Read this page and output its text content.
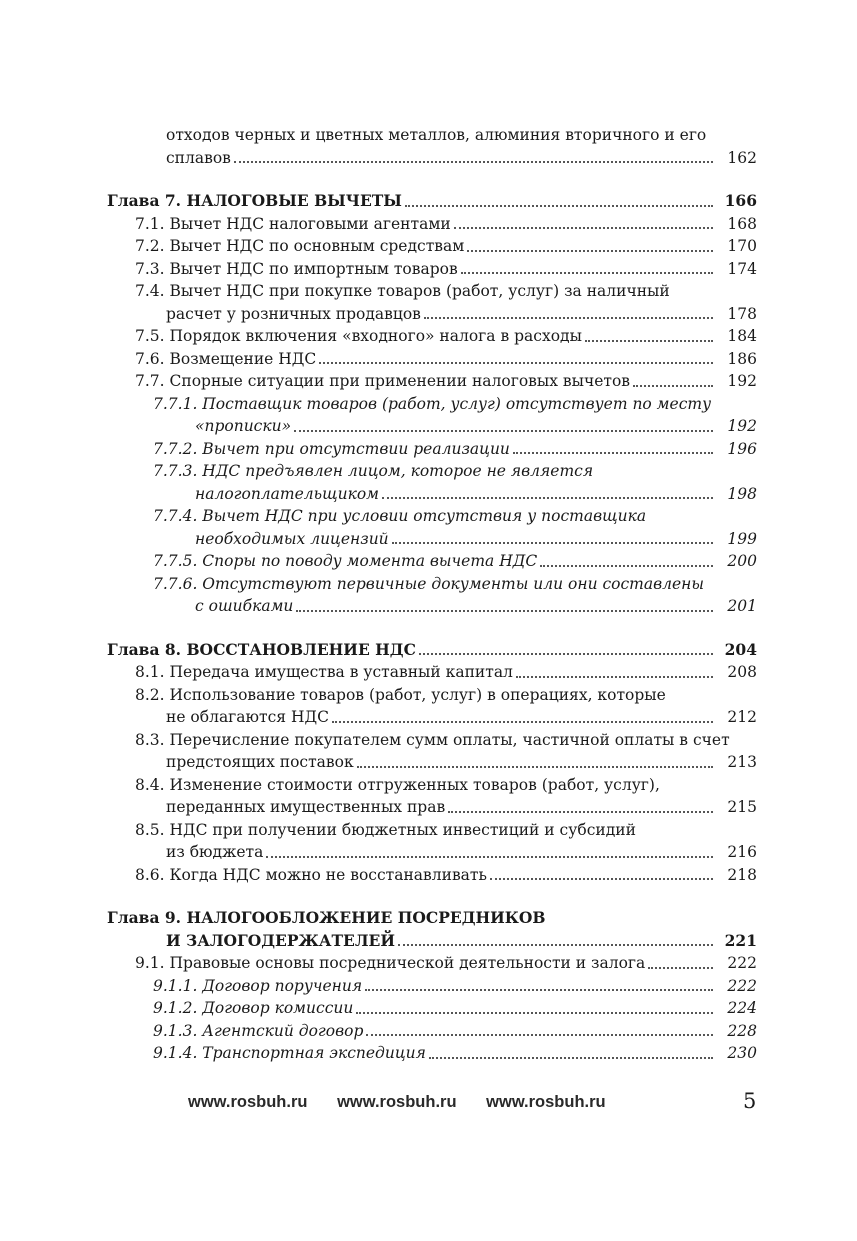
отходов черных и цветных металлов, алюминия вторичного и его
сплавов	162
Глава 7. НАЛОГОВЫЕ ВЫЧЕТЫ	166
7.1. Вычет НДС налоговыми агентами	168
7.2. Вычет НДС по основным средствам	170
7.3. Вычет НДС по импортным товаров	174
7.4. Вычет НДС при покупке товаров (работ, услуг) за наличный
расчет у розничных продавцов	178
7.5. Порядок включения «входного» налога в расходы	184
7.6. Возмещение НДС	186
7.7. Спорные ситуации при применении налоговых вычетов	192
7.7.1. Поставщик товаров (работ, услуг) отсутствует по месту
«прописки»	192
7.7.2. Вычет при отсутствии реализации	196
7.7.3. НДС предъявлен лицом, которое не является
налогоплательщиком	198
7.7.4. Вычет НДС при условии отсутствия у поставщика
необходимых лицензий	199
7.7.5. Споры по поводу момента вычета НДС	200
7.7.6. Отсутствуют первичные документы или они составлены
с ошибками	201
Глава 8. ВОССТАНОВЛЕНИЕ НДС	204
8.1. Передача имущества в уставный капитал	208
8.2. Использование товаров (работ, услуг) в операциях, которые
не облагаются НДС	212
8.3. Перечисление покупателем сумм оплаты, частичной оплаты в счет
предстоящих поставок	213
8.4. Изменение стоимости отгруженных товаров (работ, услуг),
переданных имущественных прав	215
8.5. НДС при получении бюджетных инвестиций и субсидий
из бюджета	216
8.6. Когда НДС можно не восстанавливать	218
Глава 9. НАЛОГООБЛОЖЕНИЕ ПОСРЕДНИКОВ
И ЗАЛОГОДЕРЖАТЕЛЕЙ	221
9.1. Правовые основы посреднической деятельности и залога	222
9.1.1. Договор поручения	222
9.1.2. Договор комиссии	224
9.1.3. Агентский договор	228
9.1.4. Транспортная экспедиция	230
www.rosbuh.ru www.rosbuh.ru www.rosbuh.ru	5
